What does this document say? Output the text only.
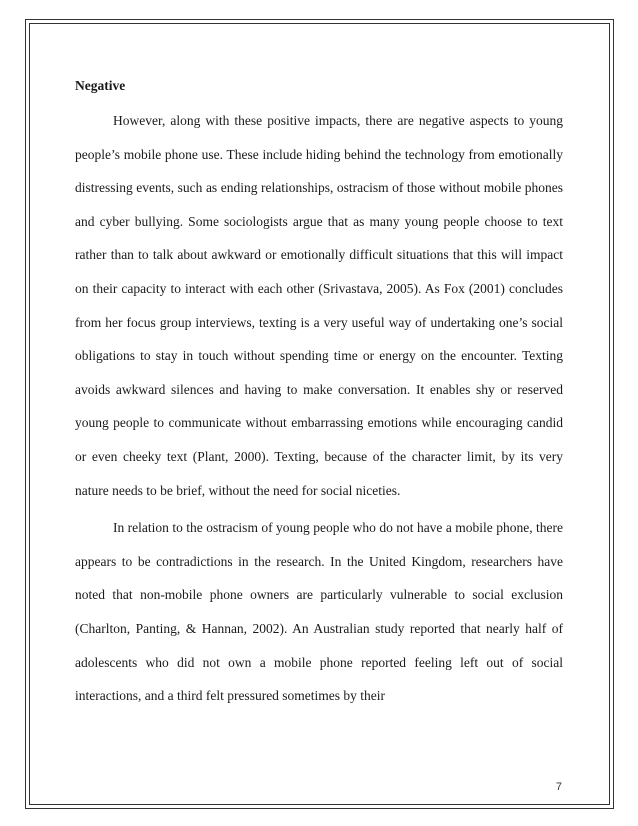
Negative

However, along with these positive impacts, there are negative aspects to young people’s mobile phone use. These include hiding behind the technology from emotionally distressing events, such as ending relationships, ostracism of those without mobile phones and cyber bullying. Some sociologists argue that as many young people choose to text rather than to talk about awkward or emotionally difficult situations that this will impact on their capacity to interact with each other (Srivastava, 2005). As Fox (2001) concludes from her focus group interviews, texting is a very useful way of undertaking one’s social obligations to stay in touch without spending time or energy on the encounter. Texting avoids awkward silences and having to make conversation. It enables shy or reserved young people to communicate without embarrassing emotions while encouraging candid or even cheeky text (Plant, 2000). Texting, because of the character limit, by its very nature needs to be brief, without the need for social niceties.

In relation to the ostracism of young people who do not have a mobile phone, there appears to be contradictions in the research. In the United Kingdom, researchers have noted that non-mobile phone owners are particularly vulnerable to social exclusion (Charlton, Panting, & Hannan, 2002). An Australian study reported that nearly half of adolescents who did not own a mobile phone reported feeling left out of social interactions, and a third felt pressured sometimes by their

7
